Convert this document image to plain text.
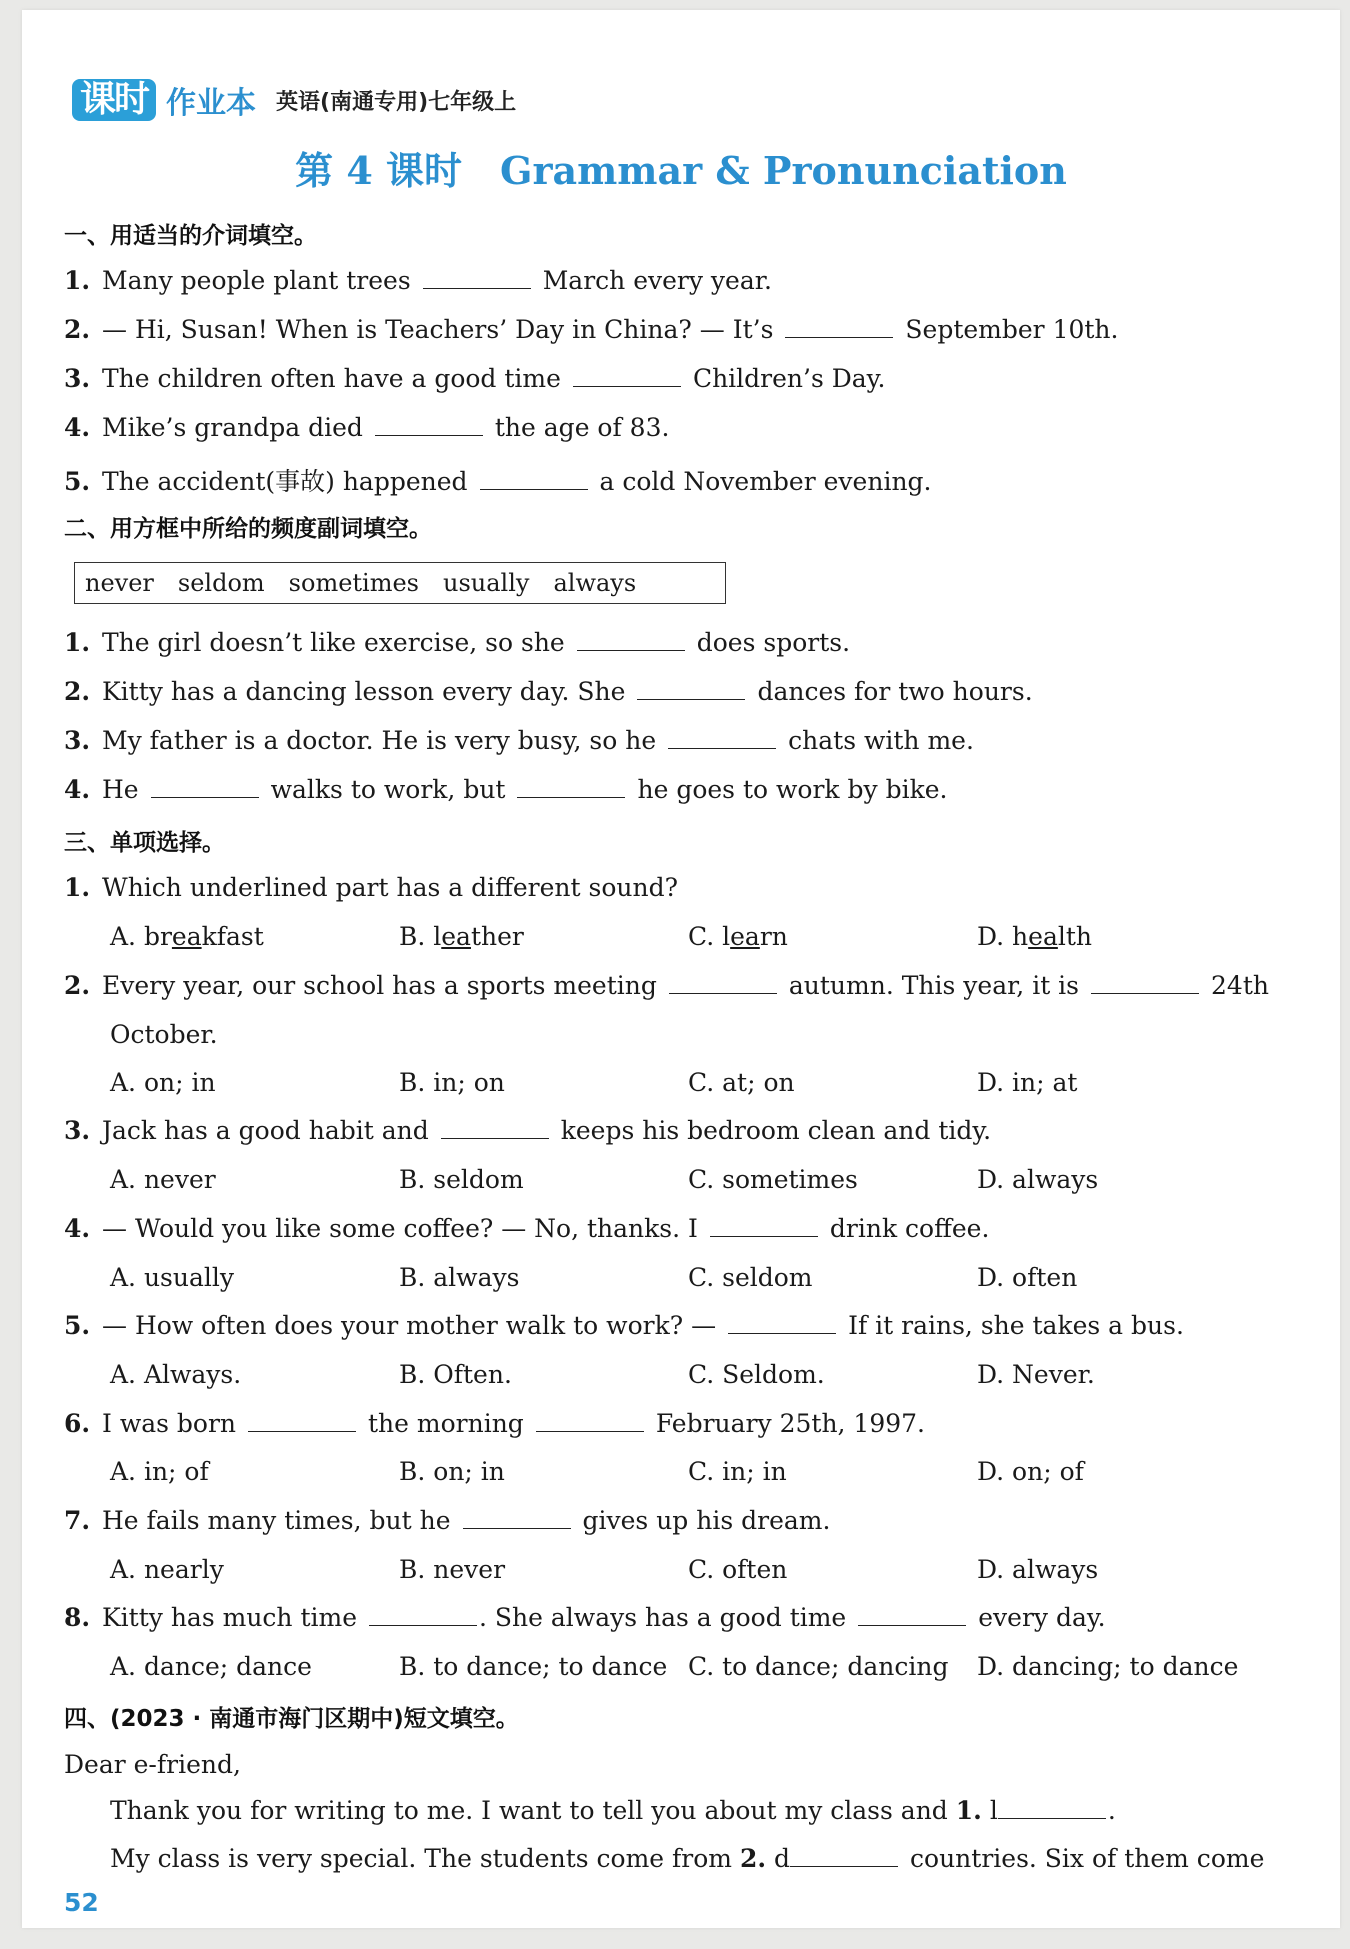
课时 作业本 英语(南通专用)七年级上
第 4 课时 Grammar & Pronunciation
一、用适当的介词填空。
1. Many people plant trees	March every year.
2. — Hi, Susan! When is Teachers’ Day in China? — It’s	September 10th.
3. The children often have a good time	Children’s Day.
4. Mike’s grandpa died	the age of 83.
5. The accident(事故) happened	a cold November evening.
二、用方框中所给的频度副词填空。
never seldom sometimes usually always
1. The girl doesn’t like exercise, so she	does sports.
2. Kitty has a dancing lesson every day. She	dances for two hours.
3. My father is a doctor. He is very busy, so he	chats with me.
4. He	walks to work, but	he goes to work by bike.
三、单项选择。
1. Which underlined part has a different sound?
A. breakfast	B. leather	C. learn	D. health
2. Every year, our school has a sports meeting	autumn. This year, it is	24th
October.
A. on; in	B. in; on	C. at; on	D. in; at
3. Jack has a good habit and	keeps his bedroom clean and tidy.
A. never	B. seldom	C. sometimes	D. always
4. — Would you like some coffee? — No, thanks. I	drink coffee.
A. usually	B. always	C. seldom	D. often
5. — How often does your mother walk to work? —	If it rains, she takes a bus.
A. Always.	B. Often.	C. Seldom.	D. Never.
6. I was born	the morning	February 25th, 1997.
A. in; of	B. on; in	C. in; in	D. on; of
7. He fails many times, but he	gives up his dream.
A. nearly	B. never	C. often	D. always
8. Kitty has much time	. She always has a good time	every day.
A. dance; dance	B. to dance; to dance C. to dance; dancing D. dancing; to dance
四、(2023 · 南通市海门区期中)短文填空。
Dear e-friend,
Thank you for writing to me. I want to tell you about my class and 1. l	.
My class is very special. The students come from 2. d	countries. Six of them come
52
